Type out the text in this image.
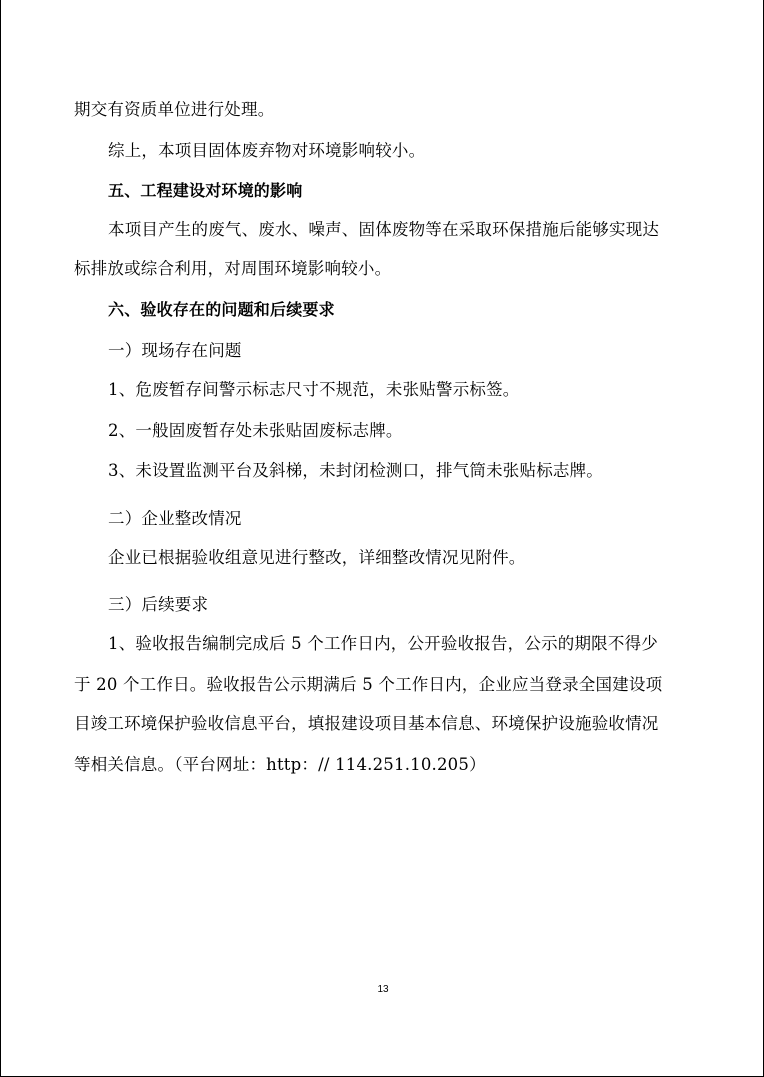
期交有资质单位进行处理。
综上，本项目固体废弃物对环境影响较小。
五、工程建设对环境的影响
本项目产生的废气、废水、噪声、固体废物等在采取环保措施后能够实现达
标排放或综合利用，对周围环境影响较小。
六、验收存在的问题和后续要求
一）现场存在问题
1、危废暂存间警示标志尺寸不规范，未张贴警示标签。
2、一般固废暂存处未张贴固废标志牌。
3、未设置监测平台及斜梯，未封闭检测口，排气筒未张贴标志牌。
二）企业整改情况
企业已根据验收组意见进行整改，详细整改情况见附件。
三）后续要求
1、验收报告编制完成后 5 个工作日内，公开验收报告，公示的期限不得少
于 20 个工作日。验收报告公示期满后 5 个工作日内，企业应当登录全国建设项
目竣工环境保护验收信息平台，填报建设项目基本信息、环境保护设施验收情况
等相关信息。（平台网址：http：// 114.251.10.205）
13
